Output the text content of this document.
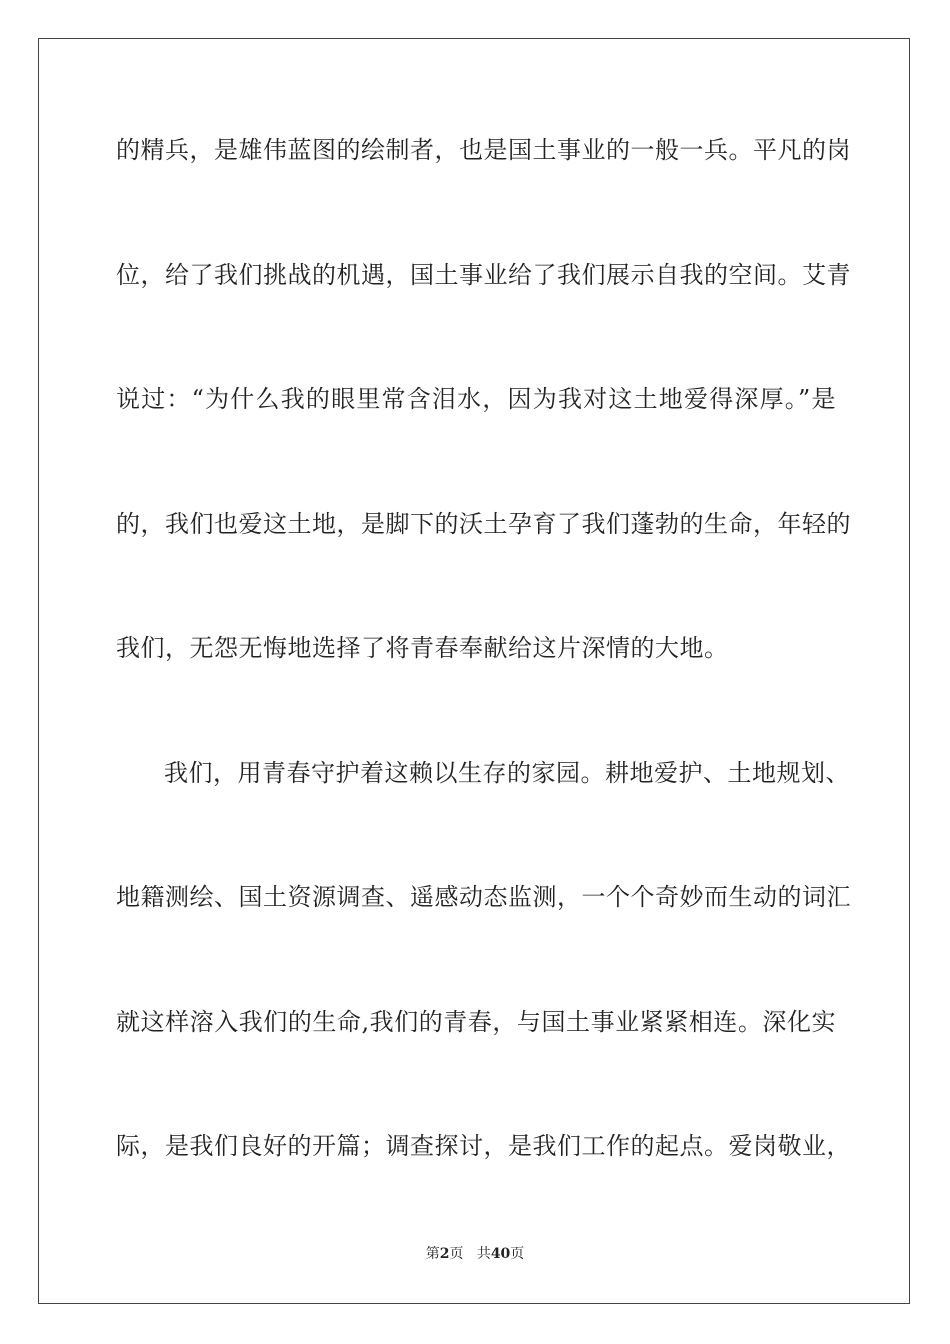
的精兵，是雄伟蓝图的绘制者，也是国土事业的一般一兵。平凡的岗
位，给了我们挑战的机遇，国土事业给了我们展示自我的空间。艾青
说过：“为什么我的眼里常含泪水，因为我对这土地爱得深厚。”是
的，我们也爱这土地，是脚下的沃土孕育了我们蓬勃的生命，年轻的
我们，无怨无悔地选择了将青春奉献给这片深情的大地。
我们，用青春守护着这赖以生存的家园。耕地爱护、土地规划、
地籍测绘、国土资源调查、遥感动态监测，一个个奇妙而生动的词汇
就这样溶入我们的生命,我们的青春，与国土事业紧紧相连。深化实
际，是我们良好的开篇；调查探讨，是我们工作的起点。爱岗敬业，
第2页 共40页
